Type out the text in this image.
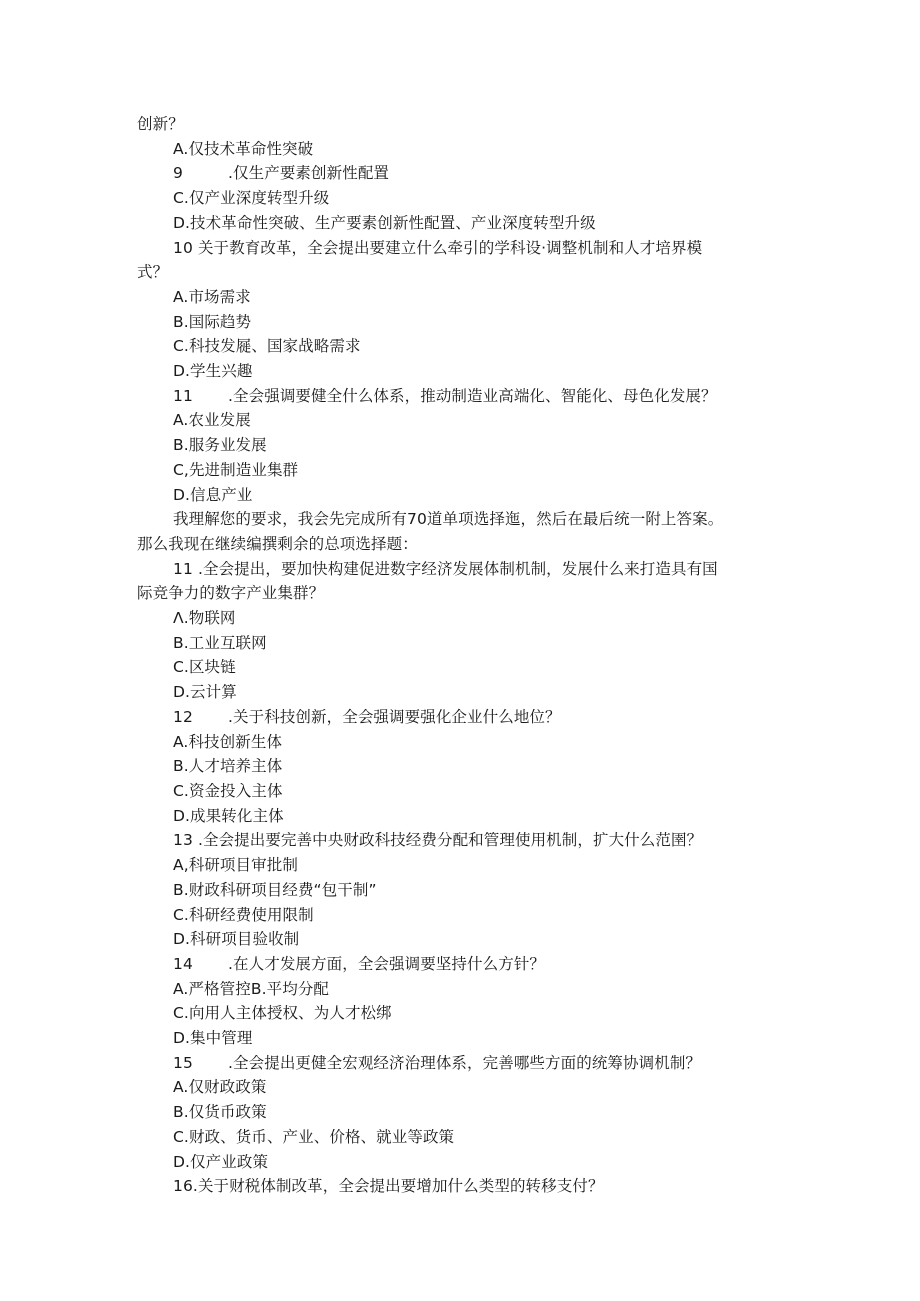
创新？
A.仅技术革命性突破
9	.仅生产要素创新性配置
C.仅产业深度转型升级
D.技术革命性突破、生产要素创新性配置、产业深度转型升级
10 关于教育改革，全会提出要建立什么牵引的学科设·调整机制和人才培界模
式？
A.市场需求
B.国际趋势
C.科技发屣、国家战略需求
D.学生兴趣
11 .全会强调要健全什么体系，推动制造业高端化、智能化、母色化发展？
A.农业发展
B.服务业发展
C,先进制造业集群
D.信息产业
我理解您的要求，我会先完成所有70道单项选择迤，然后在最后统一附上答案。
那么我现在继续编撰剩余的总项选择题：
11 .全会提出，要加快构建促进数字经济发展体制机制，发展什么来打造具有国
际竞争力的数字产业集群？
Λ.物联网
B.工业互联网
C.区块链
D.云计算
12 .关于科技创新，全会强调要强化企业什么地位？
A.科技创新生体
B.人才培养主体
C.资金投入主体
D.成果转化主体
13 .全会提出要完善中央财政科技经费分配和管理使用机制，扩大什么范圉？
A,科研项目审批制
B.财政科研项目经费“包干制”
C.科研经费使用限制
D.科研项目验收制
14 .在人才发展方面，全会强调要坚持什么方针？
A.严格管控B.平均分配
C.向用人主体授权、为人才松绑
D.集中管理
15 .全会提出更健全宏观经济治理体系，完善哪些方面的统筹协调机制？
A.仅财政政策
B.仅货币政策
C.财政、货币、产业、价格、就业等政策
D.仅产业政策
16.关于财税体制改革，全会提出要增加什么类型的转移支付？
